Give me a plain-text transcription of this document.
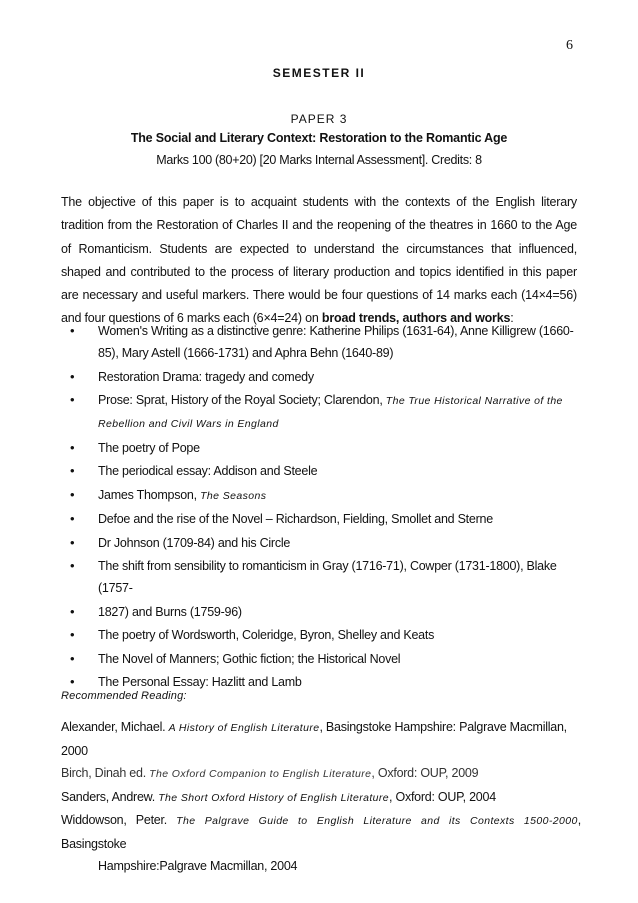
6
SEMESTER II
PAPER 3
The Social and Literary Context: Restoration to the Romantic Age
Marks 100 (80+20) [20 Marks Internal Assessment]. Credits: 8
The objective of this paper is to acquaint students with the contexts of the English literary tradition from the Restoration of Charles II and the reopening of the theatres in 1660 to the Age of Romanticism. Students are expected to understand the circumstances that influenced, shaped and contributed to the process of literary production and topics identified in this paper are necessary and useful markers. There would be four questions of 14 marks each (14×4=56) and four questions of 6 marks each (6×4=24) on broad trends, authors and works:
• Women's Writing as a distinctive genre: Katherine Philips (1631-64), Anne Killigrew (1660-85), Mary Astell (1666-1731) and Aphra Behn (1640-89)
• Restoration Drama: tragedy and comedy
• Prose: Sprat, History of the Royal Society; Clarendon, The True Historical Narrative of the Rebellion and Civil Wars in England
• The poetry of Pope
• The periodical essay: Addison and Steele
• James Thompson, The Seasons
• Defoe and the rise of the Novel – Richardson, Fielding, Smollet and Sterne
• Dr Johnson (1709-84) and his Circle
• The shift from sensibility to romanticism in Gray (1716-71), Cowper (1731-1800), Blake (1757-
• 1827) and Burns (1759-96)
• The poetry of Wordsworth, Coleridge, Byron, Shelley and Keats
• The Novel of Manners; Gothic fiction; the Historical Novel
• The Personal Essay: Hazlitt and Lamb
Recommended Reading:
Alexander, Michael. A History of English Literature, Basingstoke Hampshire: Palgrave Macmillan, 2000
Birch, Dinah ed. The Oxford Companion to English Literature, Oxford: OUP, 2009
Sanders, Andrew. The Short Oxford History of English Literature, Oxford: OUP, 2004
Widdowson, Peter. The Palgrave Guide to English Literature and its Contexts 1500-2000, Basingstoke
Hampshire:Palgrave Macmillan, 2004
